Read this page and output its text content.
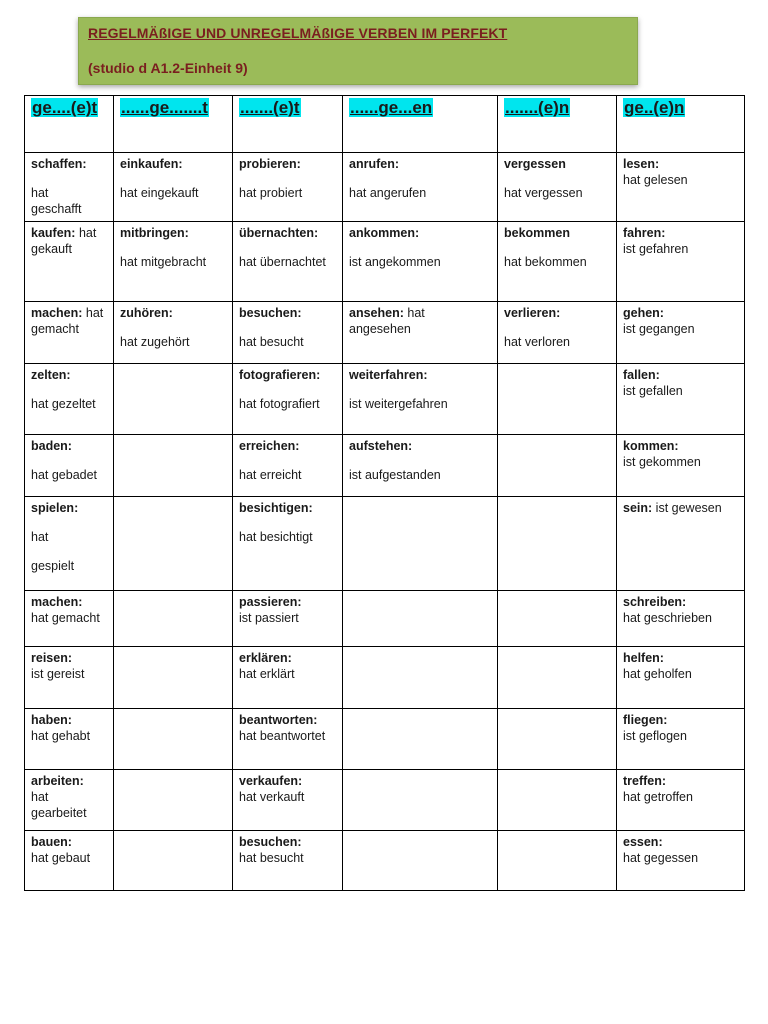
REGELMÄßIGE UND UNREGELMÄßIGE VERBEN IM PERFEKT
(studio d A1.2-Einheit 9)
ge....(e)t	......ge.......t	.......(e)t	......ge...en	.......(e)n	ge..(e)n

schaffen:
hat
geschafft	einkaufen:
hat eingekauft	probieren:
hat probiert	anrufen:
hat angerufen	vergessen
hat vergessen	lesen:
hat gelesen

kaufen: hat
gekauft	mitbringen:
hat mitgebracht	übernachten:
hat übernachtet	ankommen:
ist angekommen	bekommen
hat bekommen	fahren:
ist gefahren

machen: hat
gemacht	zuhören:
hat zugehört	besuchen:
hat besucht	ansehen: hat
angesehen	verlieren:
hat verloren	gehen:
ist gegangen

zelten:
hat gezeltet		fotografieren:
hat fotografiert	weiterfahren:
ist weitergefahren		fallen:
ist gefallen

baden:
hat gebadet		erreichen:
hat erreicht	aufstehen:
ist aufgestanden		kommen:
ist gekommen

spielen:
hat
gespielt		besichtigen:
hat besichtigt			sein: ist gewesen

machen:
hat gemacht		passieren:
ist passiert			schreiben:
hat geschrieben

reisen:
ist gereist		erklären:
hat erklärt			helfen:
hat geholfen

haben:
hat gehabt		beantworten:
hat beantwortet			fliegen:
ist geflogen

arbeiten:
hat
gearbeitet		verkaufen:
hat verkauft			treffen:
hat getroffen

bauen:
hat gebaut		besuchen:
hat besucht			essen:
hat gegessen
